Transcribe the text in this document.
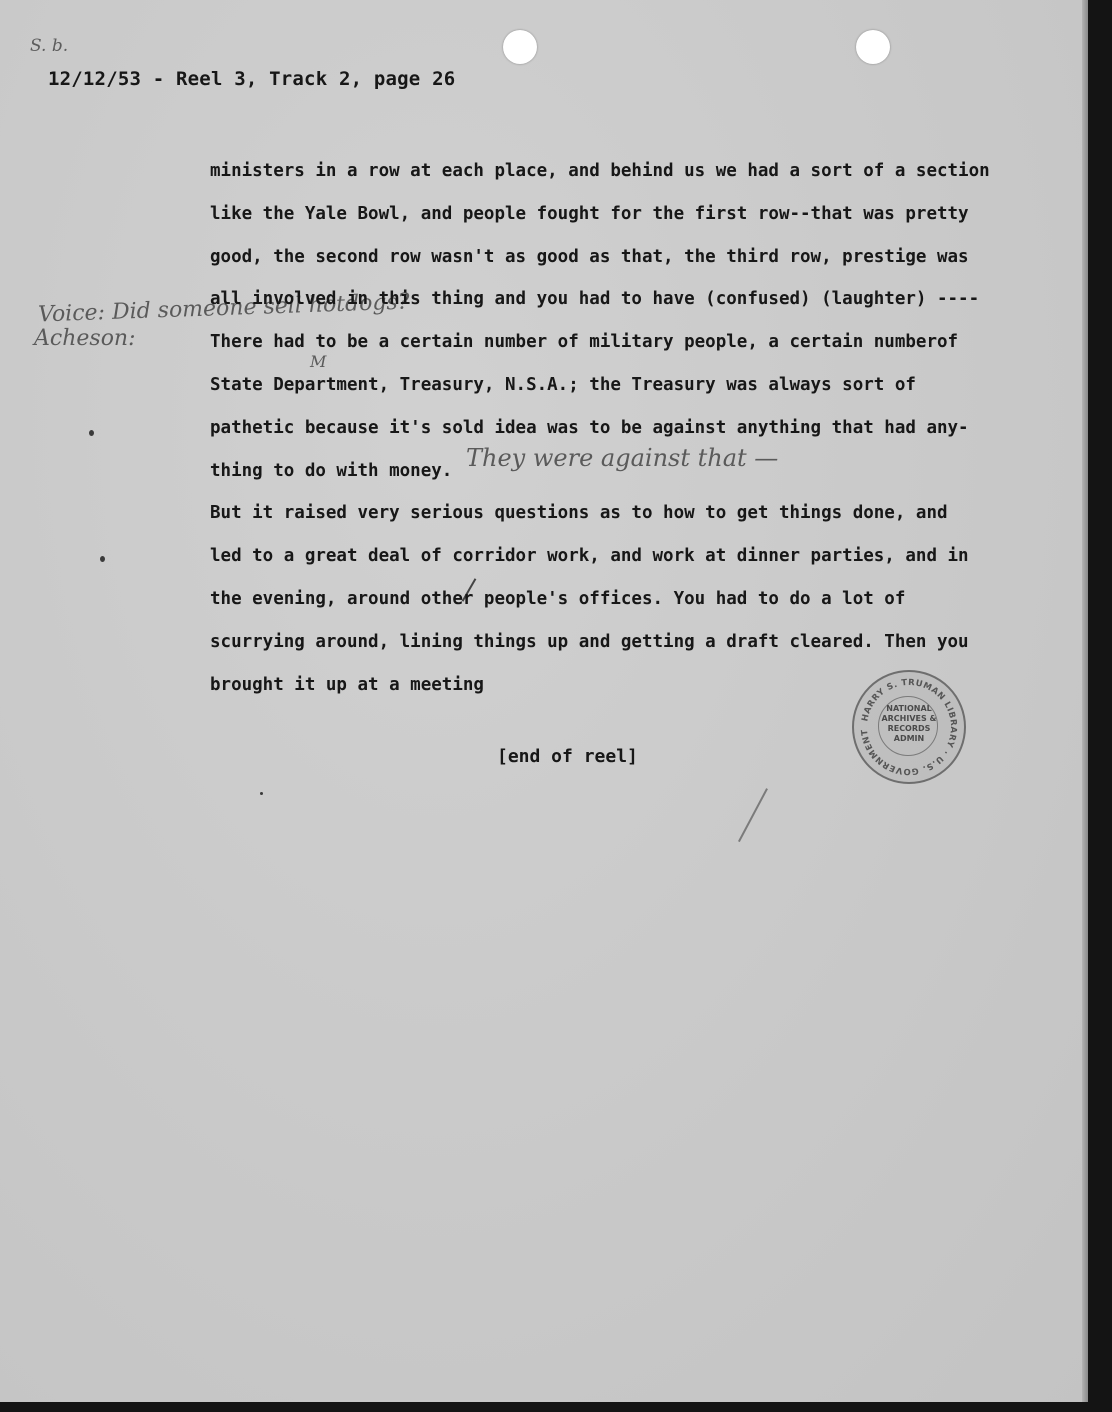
S. b.
12/12/53 - Reel 3, Track 2, page 26
Voice: Did someone sell hotdogs?
Acheson:
M
They were against that —
ministers in a row at each place, and behind us we had a sort of a section
like the Yale Bowl, and people fought for the first row--that was pretty
good, the second row wasn't as good as that, the third row, prestige was
all involved in this thing and you had to have (confused) (laughter) ----
There had to be a certain number of military people, a certain numberof
State Department, Treasury, N.S.A.; the Treasury was always sort of
pathetic because it's sold idea was to be against anything that had any-
thing to do with money.
But it raised very serious questions as to how to get things done, and
led to a great deal of corridor work, and work at dinner parties, and in
the evening, around other people's offices. You had to do a lot of
scurrying around, lining things up and getting a draft cleared. Then you
brought it up at a meeting
[end of reel]
HARRY S. TRUMAN LIBRARY · U.S. GOVERNMENT
NATIONAL
ARCHIVES &
RECORDS
ADMIN
